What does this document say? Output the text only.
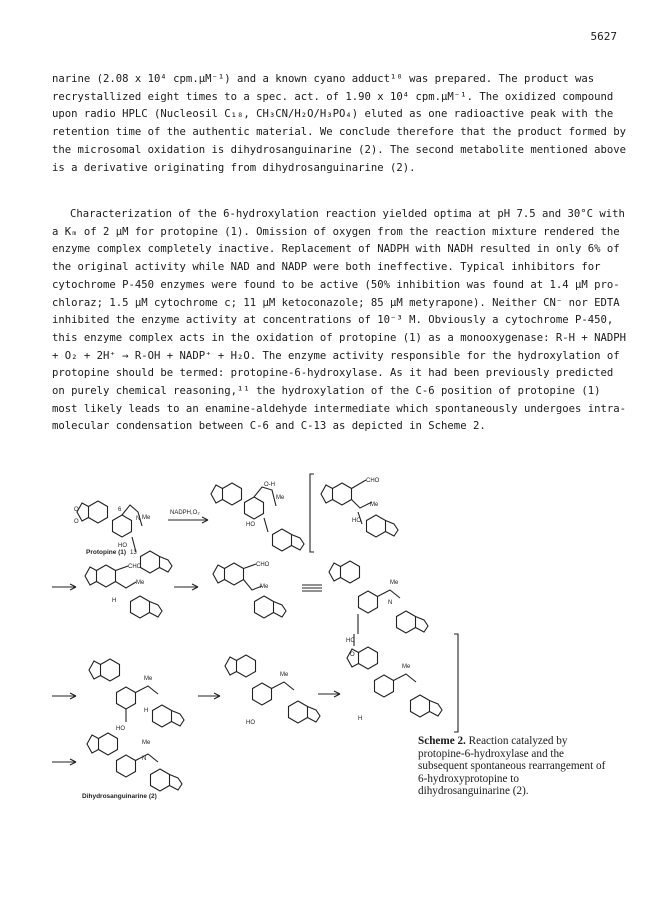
5627

narine (2.08 x 10⁴ cpm.µM⁻¹) and a known cyano adduct¹⁰ was prepared. The product was

recrystallized eight times to a spec. act. of 1.90 x 10⁴ cpm.µM⁻¹. The oxidized compound

upon radio HPLC (Nucleosil C₁₈, CH₃CN/H₂O/H₃PO₄) eluted as one radioactive peak with the

retention time of the authentic material. We conclude therefore that the product formed by

the microsomal oxidation is dihydrosanguinarine (2). The second metabolite mentioned above

is a derivative originating from dihydrosanguinarine (2).

Characterization of the 6-hydroxylation reaction yielded optima at pH 7.5 and 30°C with

a Kₘ of 2 µM for protopine (1). Omission of oxygen from the reaction mixture rendered the

enzyme complex completely inactive. Replacement of NADPH with NADH resulted in only 6% of

the original activity while NAD and NADP were both ineffective. Typical inhibitors for

cytochrome P-450 enzymes were found to be active (50% inhibition was found at 1.4 µM pro-

chloraz; 1.5 µM cytochrome c; 11 µM ketoconazole; 85 µM metyrapone). Neither CN⁻ nor EDTA

inhibited the enzyme activity at concentrations of 10⁻³ M. Obviously a cytochrome P-450,

this enzyme complex acts in the oxidation of protopine (1) as a monooxygenase: R-H + NADPH

+ O₂ + 2H⁺ → R-OH + NADP⁺ + H₂O. The enzyme activity responsible for the hydroxylation of

protopine should be termed: protopine-6-hydroxylase. As it had been previously predicted

on purely chemical reasoning,¹¹ the hydroxylation of the C-6 position of protopine (1)

most likely leads to an enamine-aldehyde intermediate which spontaneously undergoes intra-

molecular condensation between C-6 and C-13 as depicted in Scheme 2.

O
O
Me
N
6
HO
13
Protopine (1)
NADPH,O₂
O-H
Me
HO
CHO
Me
HO
CHO
Me
H
CHO
Me
Me
N
HC
O
Me
H
HO
Me
HO
Me
H
Me
N
Dihydrosanguinarine (2)
Scheme 2. Reaction catalyzed by protopine-6-hydroxylase and the subsequent spontaneous rearrangement of 6-hydroxyprotopine to dihydrosanguinarine (2).
